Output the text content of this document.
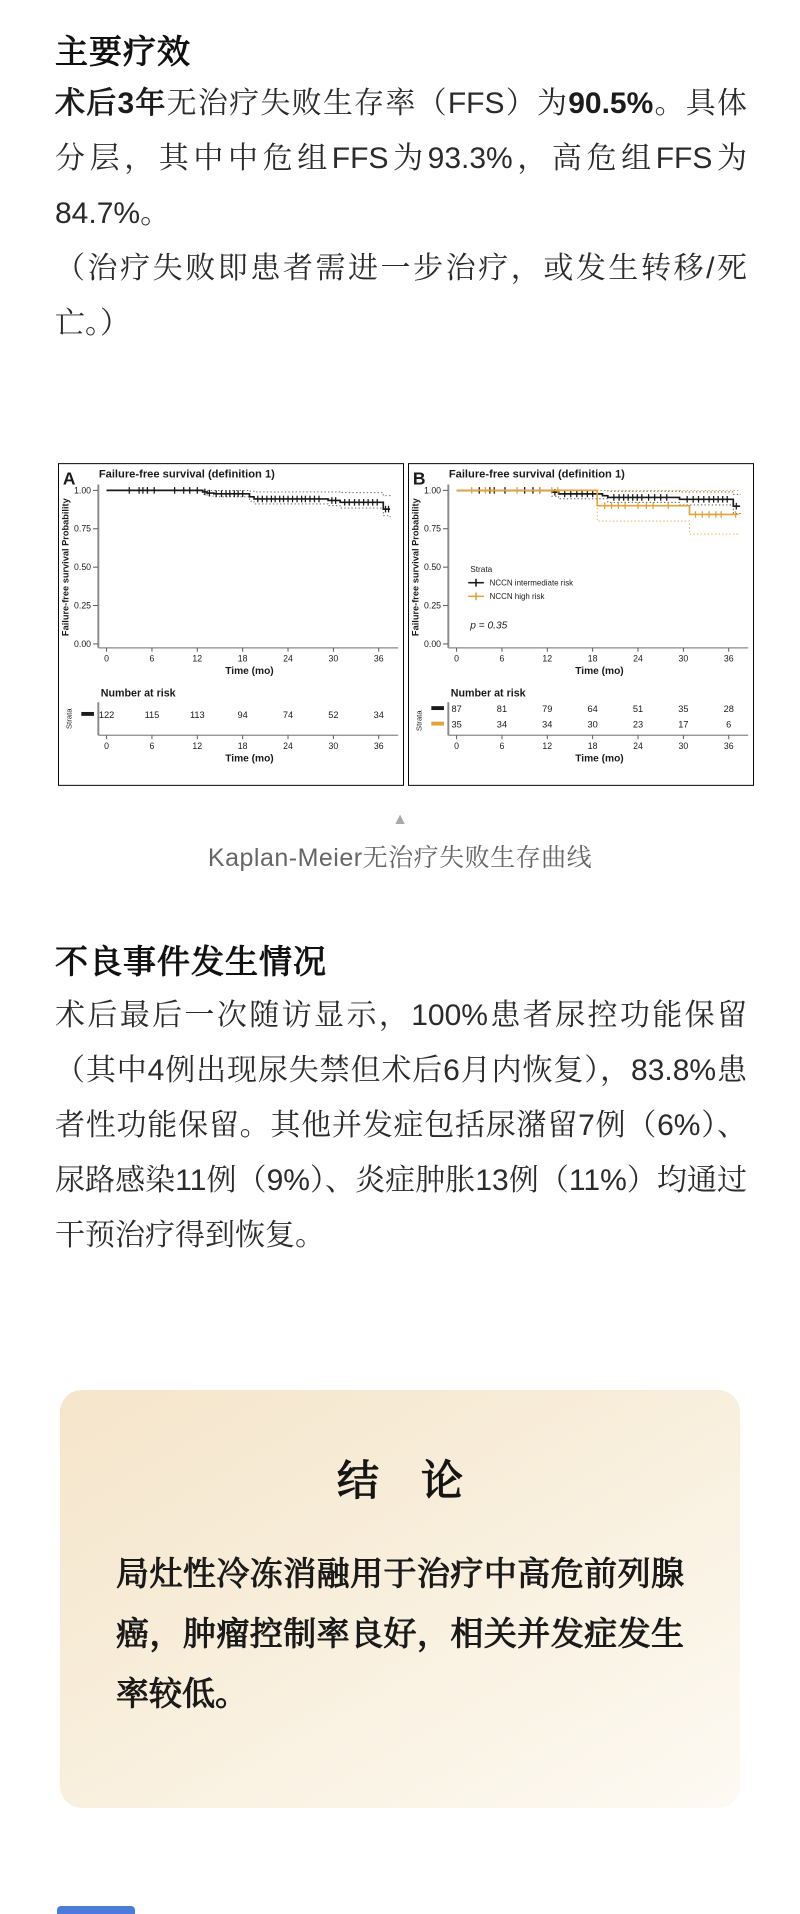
主要疗效

术后3年无治疗失败生存率（FFS）为90.5%。具体分层，其中中危组FFS为93.3%，高危组FFS为84.7%。

（治疗失败即患者需进一步治疗，或发生转移/死亡。）

A Failure-free survival (definition 1)
Failure-free survival Probability
1.00
0.75
0.50
0.25
0.00
0	6	12	18	24	30	36
Time (mo)
Number at risk
Strata	122	115	113	94	74	52	34
0	6	12	18	24	30	36
Time (mo)
B Failure-free survival (definition 1)
Failure-free survival Probability
1.00
0.75
0.50
0.25
0.00
0	6	12	18	24	30	36
Time (mo)
Strata
NCCN intermediate risk
NCCN high risk
p = 0.35
Number at risk
Strata
87	81	79	64	51	35	28
35	34	34	30	23	17	6
0	6	12	18	24	30	36
Time (mo)
▲
Kaplan-Meier无治疗失败生存曲线
不良事件发生情况

术后最后一次随访显示，100%患者尿控功能保留（其中4例出现尿失禁但术后6月内恢复），83.8%患者性功能保留。其他并发症包括尿潴留7例（6%）、尿路感染11例（9%）、炎症肿胀13例（11%）均通过干预治疗得到恢复。

结　论
局灶性冷冻消融用于治疗中高危前列腺癌，肿瘤控制率良好，相关并发症发生率较低。
